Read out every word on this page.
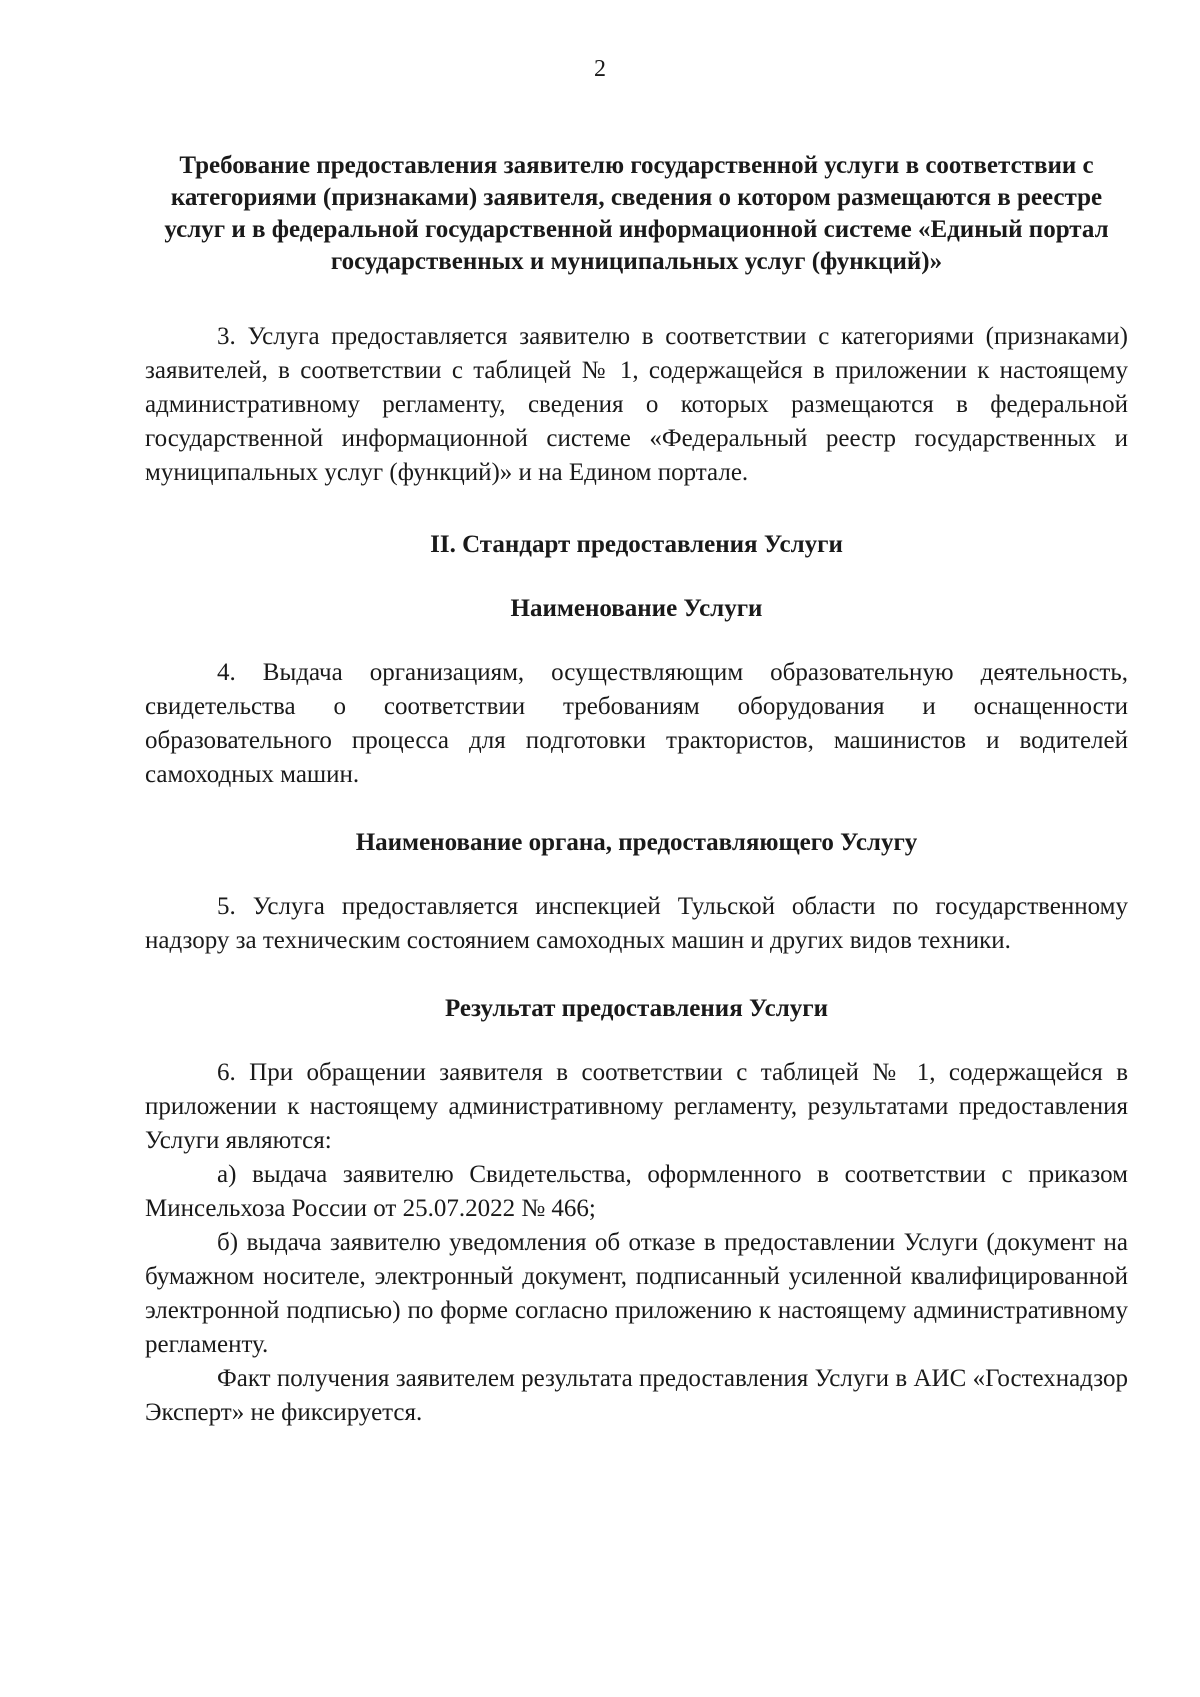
2

Требование предоставления заявителю государственной услуги в соответствии с категориями (признаками) заявителя, сведения о котором размещаются в реестре услуг и в федеральной государственной информационной системе «Единый портал государственных и муниципальных услуг (функций)»

3. Услуга предоставляется заявителю в соответствии с категориями (признаками) заявителей, в соответствии с таблицей № 1, содержащейся в приложении к настоящему административному регламенту, сведения о которых размещаются в федеральной государственной информационной системе «Федеральный реестр государственных и муниципальных услуг (функций)» и на Едином портале.

II. Стандарт предоставления Услуги

Наименование Услуги

4. Выдача организациям, осуществляющим образовательную деятельность, свидетельства о соответствии требованиям оборудования и оснащенности образовательного процесса для подготовки трактористов, машинистов и водителей самоходных машин.

Наименование органа, предоставляющего Услугу

5. Услуга предоставляется инспекцией Тульской области по государственному надзору за техническим состоянием самоходных машин и других видов техники.

Результат предоставления Услуги

6. При обращении заявителя в соответствии с таблицей № 1, содержащейся в приложении к настоящему административному регламенту, результатами предоставления Услуги являются:

а) выдача заявителю Свидетельства, оформленного в соответствии с приказом Минсельхоза России от 25.07.2022 № 466;

б) выдача заявителю уведомления об отказе в предоставлении Услуги (документ на бумажном носителе, электронный документ, подписанный усиленной квалифицированной электронной подписью) по форме согласно приложению к настоящему административному регламенту.

Факт получения заявителем результата предоставления Услуги в АИС «Гостехнадзор Эксперт» не фиксируется.
